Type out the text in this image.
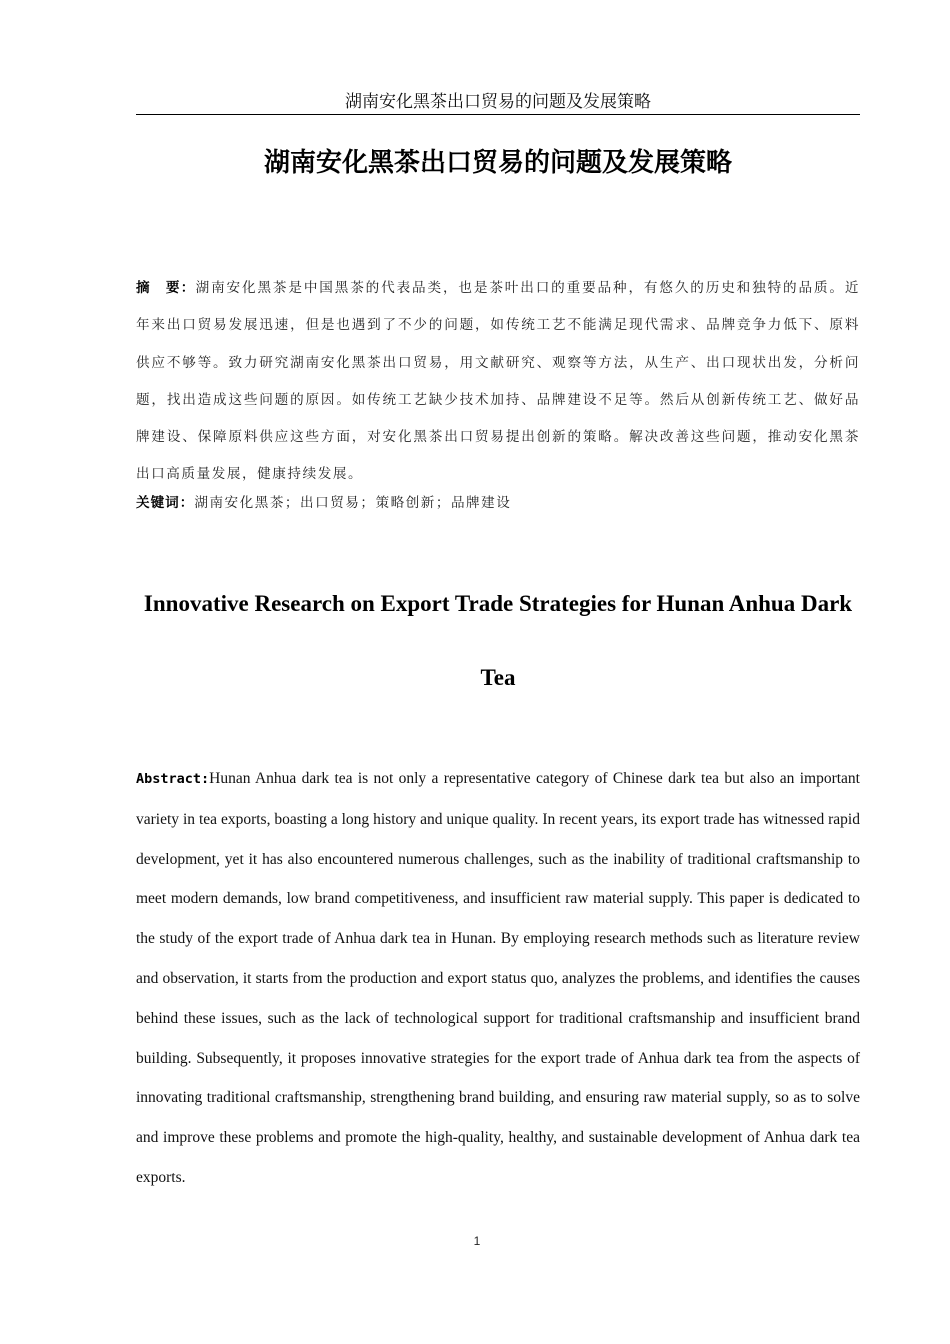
湖南安化黑茶出口贸易的问题及发展策略
湖南安化黑茶出口贸易的问题及发展策略
摘　要：湖南安化黑茶是中国黑茶的代表品类，也是茶叶出口的重要品种，有悠久的历史和独特的品质。近年来出口贸易发展迅速，但是也遇到了不少的问题，如传统工艺不能满足现代需求、品牌竞争力低下、原料供应不够等。致力研究湖南安化黑茶出口贸易，用文献研究、观察等方法，从生产、出口现状出发，分析问题，找出造成这些问题的原因。如传统工艺缺少技术加持、品牌建设不足等。然后从创新传统工艺、做好品牌建设、保障原料供应这些方面，对安化黑茶出口贸易提出创新的策略。解决改善这些问题，推动安化黑茶出口高质量发展，健康持续发展。
关键词：湖南安化黑茶；出口贸易；策略创新；品牌建设
Innovative Research on Export Trade Strategies for Hunan Anhua Dark Tea
Abstract:Hunan Anhua dark tea is not only a representative category of Chinese dark tea but also an important variety in tea exports, boasting a long history and unique quality. In recent years, its export trade has witnessed rapid development, yet it has also encountered numerous challenges, such as the inability of traditional craftsmanship to meet modern demands, low brand competitiveness, and insufficient raw material supply. This paper is dedicated to the study of the export trade of Anhua dark tea in Hunan. By employing research methods such as literature review and observation, it starts from the production and export status quo, analyzes the problems, and identifies the causes behind these issues, such as the lack of technological support for traditional craftsmanship and insufficient brand building. Subsequently, it proposes innovative strategies for the export trade of Anhua dark tea from the aspects of innovating traditional craftsmanship, strengthening brand building, and ensuring raw material supply, so as to solve and improve these problems and promote the high-quality, healthy, and sustainable development of Anhua dark tea exports.
1
